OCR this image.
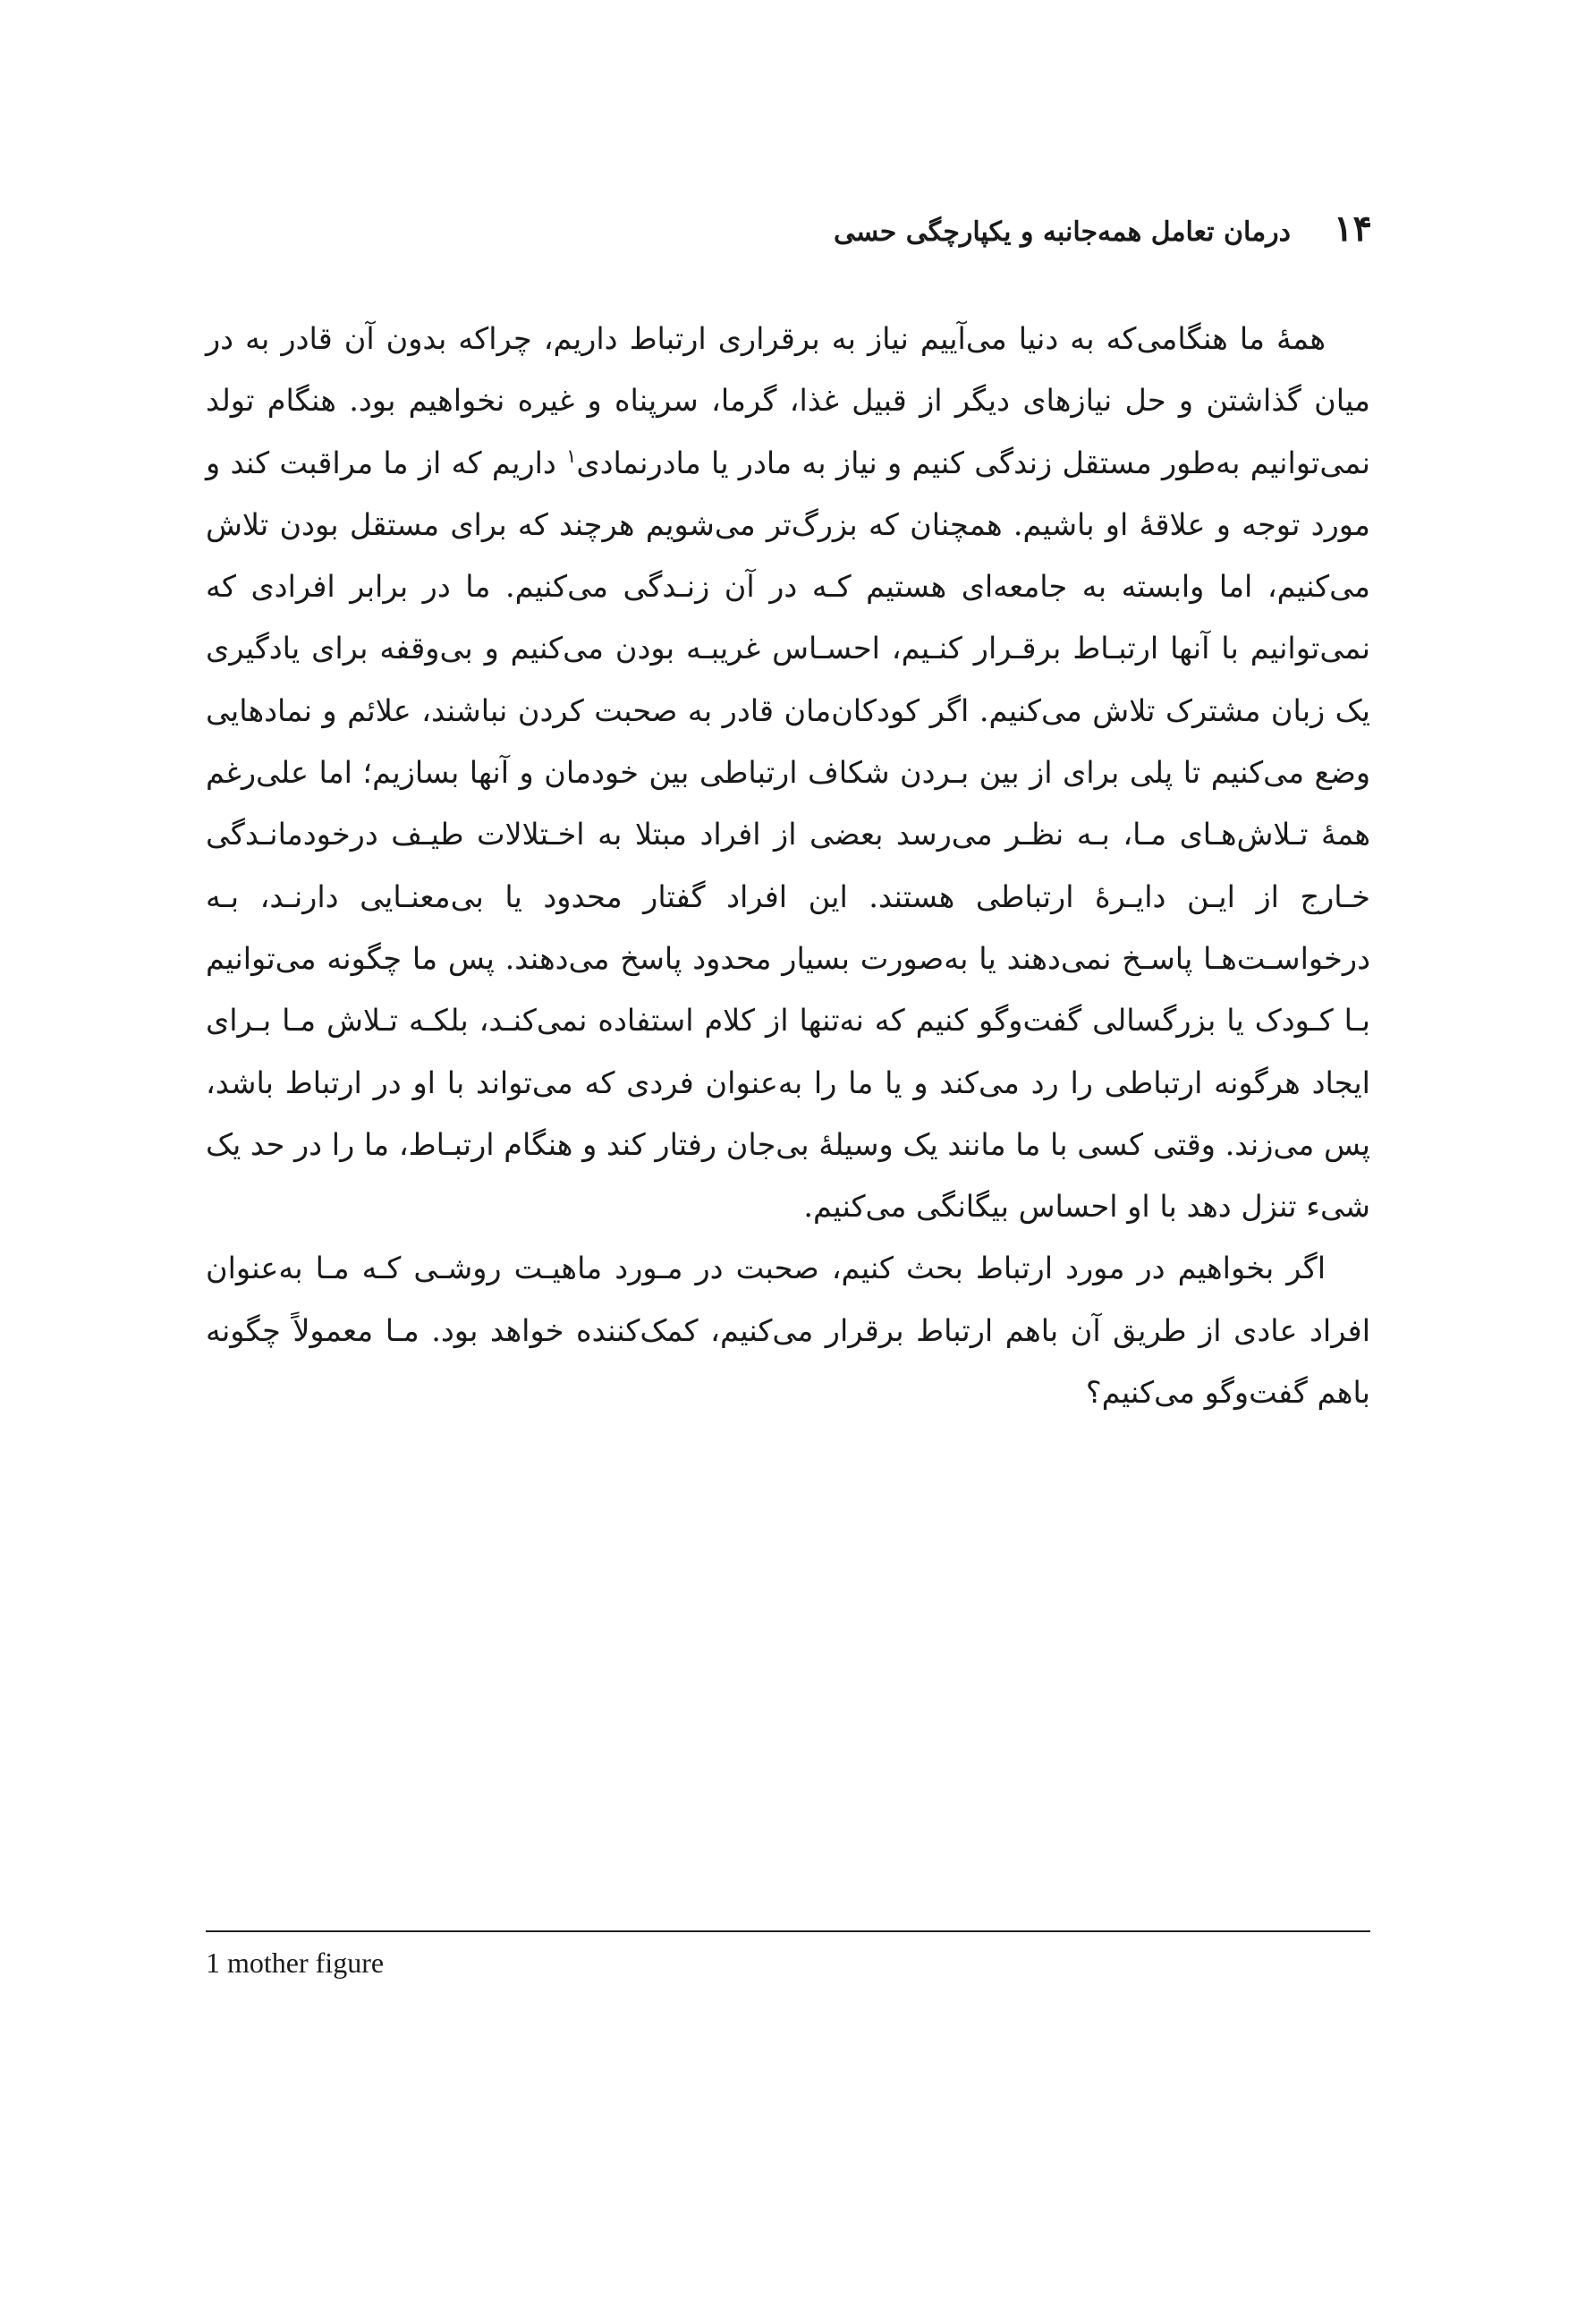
۱۴
درمان تعامل همه‌جانبه و یکپارچگی حسی

همهٔ ما هنگامی‌که به دنیا می‌آییم نیاز به برقراری ارتباط داریم، چراکه بدون آن قادر به در میان گذاشتن و حل نیازهای دیگر از قبیل غذا، گرما، سرپناه و غیره نخواهیم بود. هنگام تولد نمی‌توانیم به‌طور مستقل زندگی کنیم و نیاز به مادر یا مادرنمادی$^۱$ داریم که از ما مراقبت کند و مورد توجه و علاقهٔ او باشیم. همچنان که بزرگ‌تر می‌شویم هرچند که برای مستقل بودن تلاش می‌کنیم، اما وابسته به جامعه‌ای هستیم کـه در آن زنـدگی می‌کنیم. ما در برابر افرادی که نمی‌توانیم با آنها ارتبـاط برقـرار کنـیم، احسـاس غریبـه بودن می‌کنیم و بی‌وقفه برای یادگیری یک زبان مشترک تلاش می‌کنیم. اگر کودکان‌مان قادر به صحبت کردن نباشند، علائم و نمادهایی وضع می‌کنیم تا پلی برای از بین بـردن شکاف ارتباطی بین خودمان و آنها بسازیم؛ اما علی‌رغم همهٔ تـلاش‌هـای مـا، بـه نظـر می‌رسد بعضی از افراد مبتلا به اخـتلالات طیـف درخودمانـدگی خـارج از ایـن دایـرهٔ ارتباطی هستند. این افراد گفتار محدود یا بی‌معنـایی دارنـد، بـه درخواسـت‌هـا پاسـخ نمی‌دهند یا به‌صورت بسیار محدود پاسخ می‌دهند. پس ما چگونه می‌توانیم بـا کـودک یا بزرگسالی گفت‌وگو کنیم که نه‌تنها از کلام استفاده نمی‌کنـد، بلکـه تـلاش مـا بـرای ایجاد هرگونه ارتباطی را رد می‌کند و یا ما را به‌عنوان فردی که می‌تواند با او در ارتباط باشد، پس می‌زند. وقتی کسی با ما مانند یک وسیلهٔ بی‌جان رفتار کند و هنگام ارتبـاط، ما را در حد یک شیء تنزل دهد با او احساس بیگانگی می‌کنیم.

اگر بخواهیم در مورد ارتباط بحث کنیم، صحبت در مـورد ماهیـت روشـی کـه مـا به‌عنوان افراد عادی از طریق آن باهم ارتباط برقرار می‌کنیم، کمک‌کننده خواهد بود. مـا معمولاً چگونه باهم گفت‌وگو می‌کنیم؟

1 mother figure
